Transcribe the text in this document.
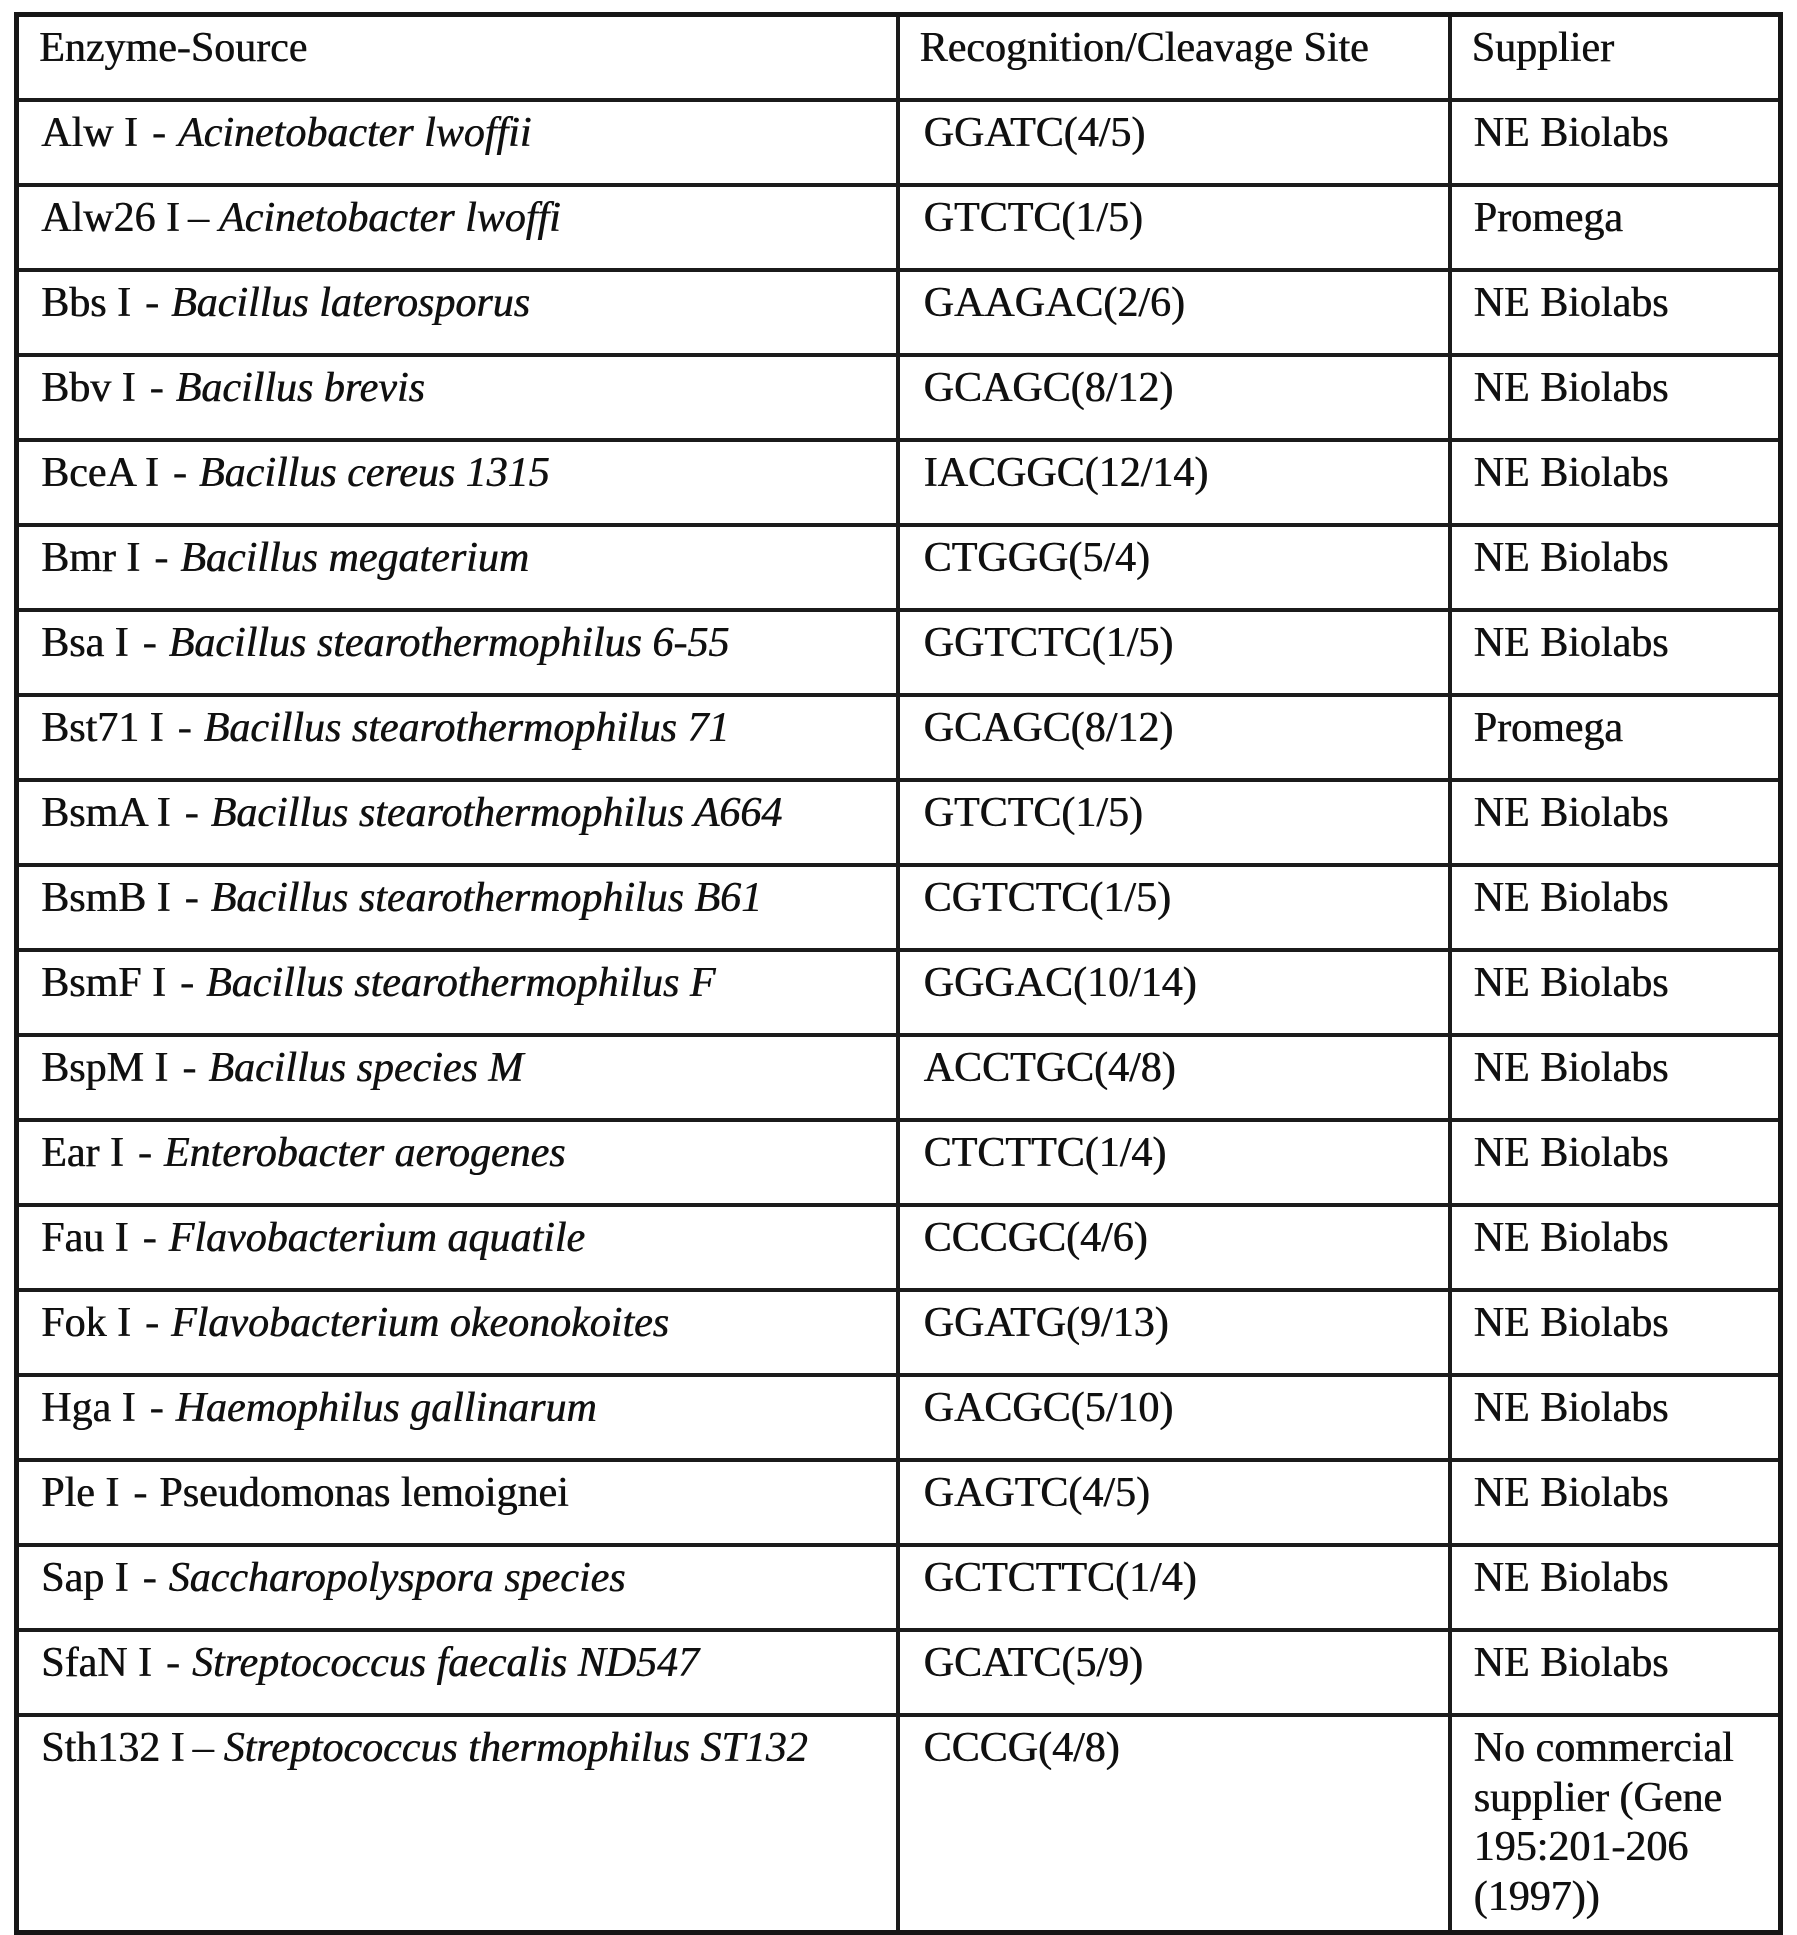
Enzyme-Source	Recognition/Cleavage Site	Supplier
Alw I - Acinetobacter lwoffii	GGATC(4/5)	NE Biolabs
Alw26 I – Acinetobacter lwoffi	GTCTC(1/5)	Promega
Bbs I - Bacillus laterosporus	GAAGAC(2/6)	NE Biolabs
Bbv I - Bacillus brevis	GCAGC(8/12)	NE Biolabs
BceA I - Bacillus cereus 1315	IACGGC(12/14)	NE Biolabs
Bmr I - Bacillus megaterium	CTGGG(5/4)	NE Biolabs
Bsa I - Bacillus stearothermophilus 6-55	GGTCTC(1/5)	NE Biolabs
Bst71 I - Bacillus stearothermophilus 71	GCAGC(8/12)	Promega
BsmA I - Bacillus stearothermophilus A664	GTCTC(1/5)	NE Biolabs
BsmB I - Bacillus stearothermophilus B61	CGTCTC(1/5)	NE Biolabs
BsmF I - Bacillus stearothermophilus F	GGGAC(10/14)	NE Biolabs
BspM I - Bacillus species M	ACCTGC(4/8)	NE Biolabs
Ear I - Enterobacter aerogenes	CTCTTC(1/4)	NE Biolabs
Fau I - Flavobacterium aquatile	CCCGC(4/6)	NE Biolabs
Fok I - Flavobacterium okeonokoites	GGATG(9/13)	NE Biolabs
Hga I - Haemophilus gallinarum	GACGC(5/10)	NE Biolabs
Ple I - Pseudomonas lemoignei	GAGTC(4/5)	NE Biolabs
Sap I - Saccharopolyspora species	GCTCTTC(1/4)	NE Biolabs
SfaN I - Streptococcus faecalis ND547	GCATC(5/9)	NE Biolabs
Sth132 I – Streptococcus thermophilus ST132	CCCG(4/8)	No commercial supplier (Gene 195:201-206 (1997))
